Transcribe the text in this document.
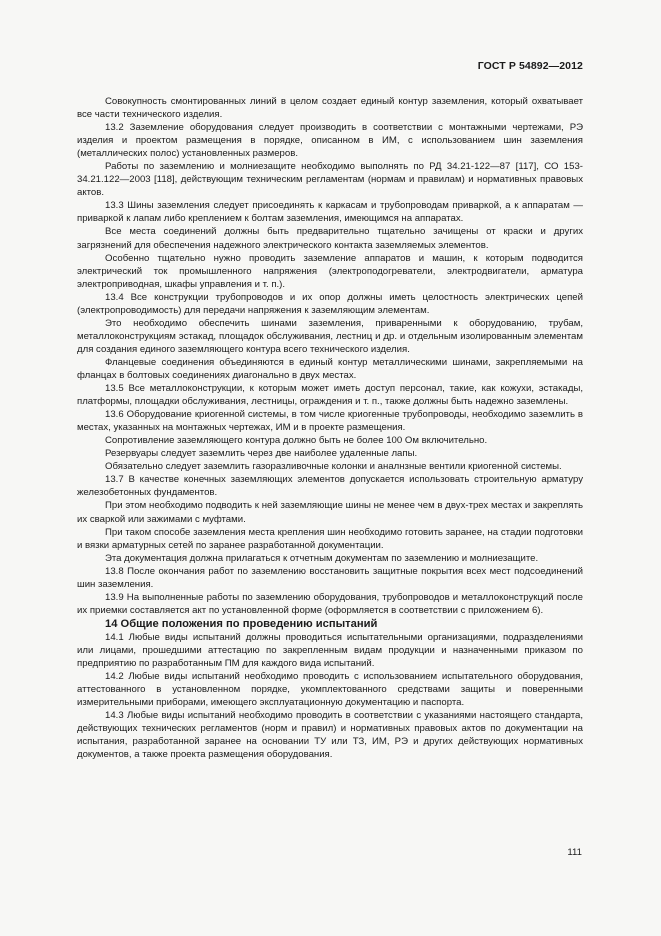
ГОСТ Р 54892—2012

Совокупность смонтированных линий в целом создает единый контур заземления, который охватывает все части технического изделия.

13.2 Заземление оборудования следует производить в соответствии с монтажными чертежами, РЭ изделия и проектом размещения в порядке, описанном в ИМ, с использованием шин заземления (металлических полос) установленных размеров.

Работы по заземлению и молниезащите необходимо выполнять по РД 34.21-122—87 [117], СО 153-34.21.122—2003 [118], действующим техническим регламентам (нормам и правилам) и нормативных правовых актов.

13.3 Шины заземления следует присоединять к каркасам и трубопроводам приваркой, а к аппаратам — приваркой к лапам либо креплением к болтам заземления, имеющимся на аппаратах.

Все места соединений должны быть предварительно тщательно зачищены от краски и других загрязнений для обеспечения надежного электрического контакта заземляемых элементов.

Особенно тщательно нужно проводить заземление аппаратов и машин, к которым подводится электрический ток промышленного напряжения (электроподогреватели, электродвигатели, арматура электроприводная, шкафы управления и т. п.).

13.4 Все конструкции трубопроводов и их опор должны иметь целостность электрических цепей (электропроводимость) для передачи напряжения к заземляющим элементам.

Это необходимо обеспечить шинами заземления, приваренными к оборудованию, трубам, металлоконструкциям эстакад, площадок обслуживания, лестниц и др. и отдельным изолированным элементам для создания единого заземляющего контура всего технического изделия.

Фланцевые соединения объединяются в единый контур металлическими шинами, закрепляемыми на фланцах в болтовых соединениях диагонально в двух местах.

13.5 Все металлоконструкции, к которым может иметь доступ персонал, такие, как кожухи, эстакады, платформы, площадки обслуживания, лестницы, ограждения и т. п., также должны быть надежно заземлены.

13.6 Оборудование криогенной системы, в том числе криогенные трубопроводы, необходимо заземлить в местах, указанных на монтажных чертежах, ИМ и в проекте размещения.

Сопротивление заземляющего контура должно быть не более 100 Ом включительно.

Резервуары следует заземлить через две наиболее удаленные лапы.

Обязательно следует заземлить газоразливочные колонки и аналнзные вентили криогенной системы.

13.7 В качестве конечных заземляющих элементов допускается использовать строительную арматуру железобетонных фундаментов.

При этом необходимо подводить к ней заземляющие шины не менее чем в двух-трех местах и закреплять их сваркой или зажимами с муфтами.

При таком способе заземления места крепления шин необходимо готовить заранее, на стадии подготовки и вязки арматурных сетей по заранее разработанной документации.

Эта документация должна прилагаться к отчетным документам по заземлению и молниезащите.

13.8 После окончания работ по заземлению восстановить защитные покрытия всех мест подсоединений шин заземления.

13.9 На выполненные работы по заземлению оборудования, трубопроводов и металлоконструкций после их приемки составляется акт по установленной форме (оформляется в соответствии с приложением 6).

14 Общие положения по проведению испытаний

14.1 Любые виды испытаний должны проводиться испытательными организациями, подразделениями или лицами, прошедшими аттестацию по закрепленным видам продукции и назначенными приказом по предприятию по разработанным ПМ для каждого вида испытаний.

14.2 Любые виды испытаний необходимо проводить с использованием испытательного оборудования, аттестованного в установленном порядке, укомплектованного средствами защиты и поверенными измерительными приборами, имеющего эксплуатационную документацию и паспорта.

14.3 Любые виды испытаний необходимо проводить в соответствии с указаниями настоящего стандарта, действующих технических регламентов (норм и правил) и нормативных правовых актов по документации на испытания, разработанной заранее на основании ТУ или ТЗ, ИМ, РЭ и других действующих нормативных документов, а также проекта размещения оборудования.

111
